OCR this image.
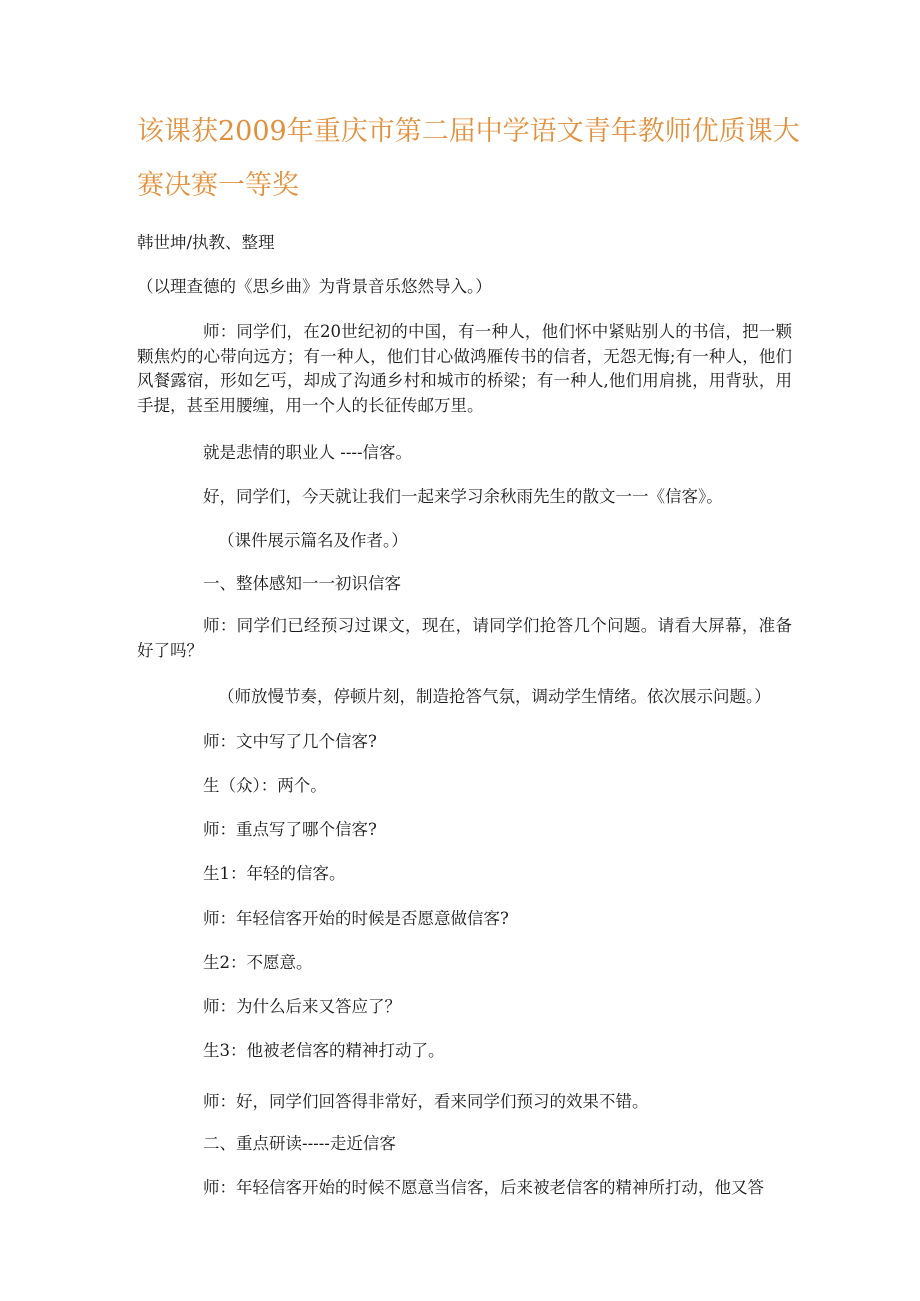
该课获2009年重庆市第二届中学语文青年教师优质课大
赛决赛一等奖
韩世坤/执教、整理
（以理查德的《思乡曲》为背景音乐悠然导入。）
师：同学们，在20世纪初的中国，有一种人，他们怀中紧贴别人的书信，把一颗颗焦灼的心带向远方；有一种人，他们甘心做鸿雁传书的信者，无怨无悔;有一种人，他们风餐露宿，形如乞丐，却成了沟通乡村和城市的桥梁；有一种人,他们用肩挑，用背驮，用手提，甚至用腰缠，用一个人的长征传邮万里。
就是悲情的职业人 ----信客。
好，同学们，今天就让我们一起来学习余秋雨先生的散文一一《信客》。
（课件展示篇名及作者。）
一、整体感知一一初识信客
师：同学们已经预习过课文，现在，请同学们抢答几个问题。请看大屏幕，准备好了吗？
（师放慢节奏，停顿片刻，制造抢答气氛，调动学生情绪。依次展示问题。）
师：文中写了几个信客?
生（众）：两个。
师：重点写了哪个信客?
生1：年轻的信客。
师：年轻信客开始的时候是否愿意做信客?
生2：不愿意。
师：为什么后来又答应了？
生3：他被老信客的精神打动了。
师：好，同学们回答得非常好，看来同学们预习的效果不错。
二、重点研读-----走近信客
师：年轻信客开始的时候不愿意当信客，后来被老信客的精神所打动，他又答
